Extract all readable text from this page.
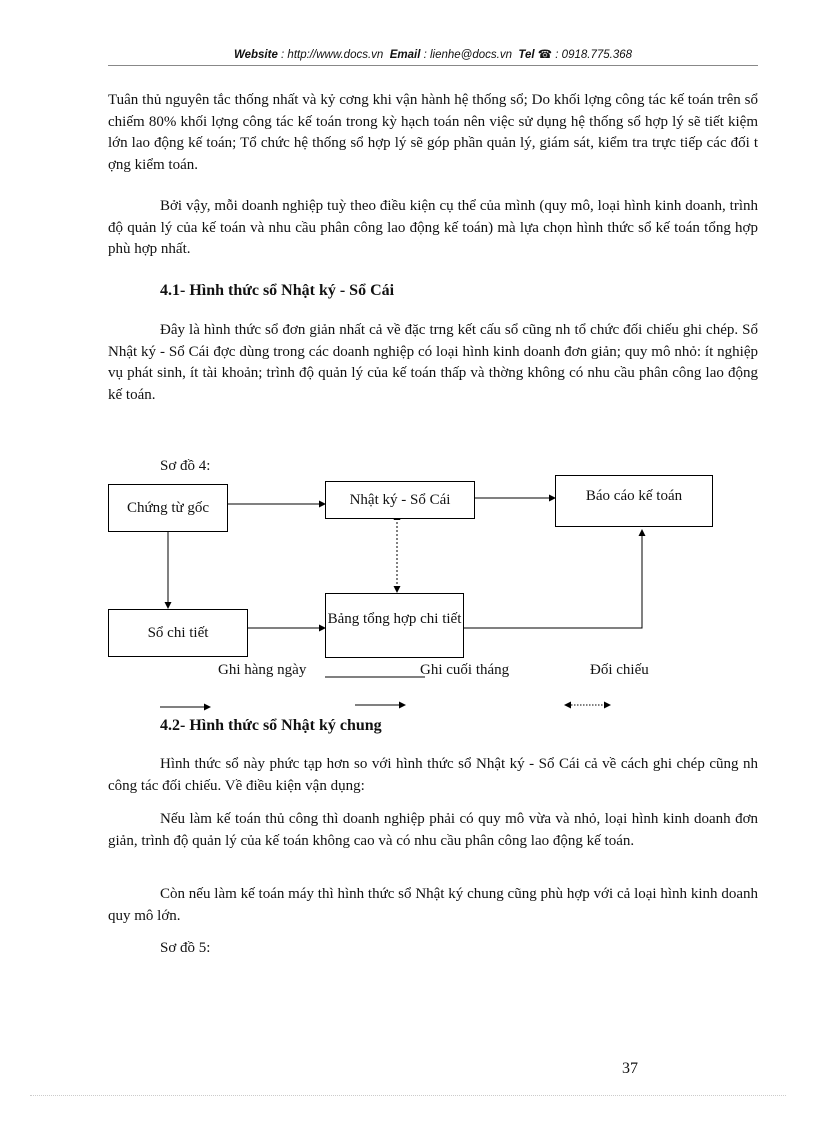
Website : http://www.docs.vn Email : lienhe@docs.vn Tel ☎ : 0918.775.368

Tuân thủ nguyên tắc thống nhất và kỷ cơng khi vận hành hệ thống sổ; Do khối lợng công tác kế toán trên sổ chiếm 80% khối lợng công tác kế toán trong kỳ hạch toán nên việc sử dụng hệ thống sổ hợp lý sẽ tiết kiệm lớn lao động kế toán; Tổ chức hệ thống sổ hợp lý sẽ góp phần quản lý, giám sát, kiểm tra trực tiếp các đối t ợng kiểm toán.

Bởi vậy, mỗi doanh nghiệp tuỳ theo điều kiện cụ thể của mình (quy mô, loại hình kinh doanh, trình độ quản lý của kế toán và nhu cầu phân công lao động kế toán) mà lựa chọn hình thức sổ kế toán tổng hợp phù hợp nhất.

4.1- Hình thức sổ Nhật ký - Sổ Cái

Đây là hình thức sổ đơn giản nhất cả về đặc trng kết cấu sổ cũng nh tổ chức đối chiếu ghi chép. Sổ Nhật ký - Sổ Cái đợc dùng trong các doanh nghiệp có loại hình kinh doanh đơn giản; quy mô nhỏ: ít nghiệp vụ phát sinh, ít tài khoản; trình độ quản lý của kế toán thấp và thờng không có nhu cầu phân công lao động kế toán.

Sơ đồ 4:
Chứng từ gốc	Nhật ký - Sổ Cái	Báo cáo kế toán
Sổ chi tiết
Bảng tổng hợp chi tiết
Ghi hàng ngày	Ghi cuối tháng	Đối chiếu

4.2- Hình thức sổ Nhật ký chung

Hình thức sổ này phức tạp hơn so với hình thức sổ Nhật ký - Sổ Cái cả về cách ghi chép cũng nh công tác đối chiếu. Về điều kiện vận dụng:

Nếu làm kế toán thủ công thì doanh nghiệp phải có quy mô vừa và nhỏ, loại hình kinh doanh đơn giản, trình độ quản lý của kế toán không cao và có nhu cầu phân công lao động kế toán.

Còn nếu làm kế toán máy thì hình thức sổ Nhật ký chung cũng phù hợp với cả loại hình kinh doanh quy mô lớn.

Sơ đồ 5:
37
